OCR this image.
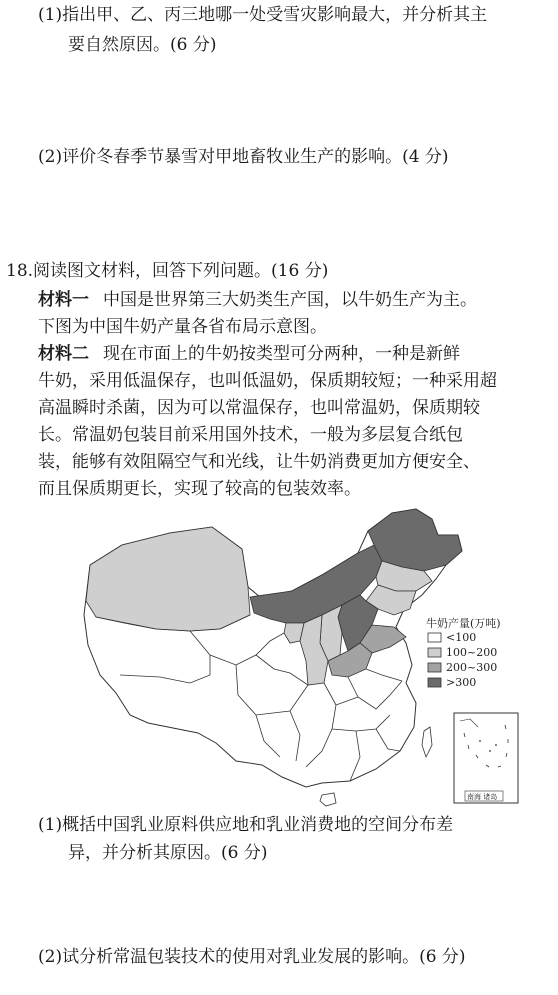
(1)指出甲、乙、丙三地哪一处受雪灾影响最大，并分析其主
要自然原因。(6 分)
(2)评价冬春季节暴雪对甲地畜牧业生产的影响。(4 分)
18.阅读图文材料，回答下列问题。(16 分)
材料一 中国是世界第三大奶类生产国，以牛奶生产为主。
下图为中国牛奶产量各省布局示意图。
材料二 现在市面上的牛奶按类型可分两种，一种是新鲜
牛奶，采用低温保存，也叫低温奶，保质期较短；一种采用超
高温瞬时杀菌，因为可以常温保存，也叫常温奶，保质期较
长。常温奶包装目前采用国外技术，一般为多层复合纸包
装，能够有效阻隔空气和光线，让牛奶消费更加方便安全、
而且保质期更长，实现了较高的包装效率。
牛奶产量(万吨)
<100
100~200
200~300
>300
南海 诸岛
(1)概括中国乳业原料供应地和乳业消费地的空间分布差
异，并分析其原因。(6 分)
(2)试分析常温包装技术的使用对乳业发展的影响。(6 分)
